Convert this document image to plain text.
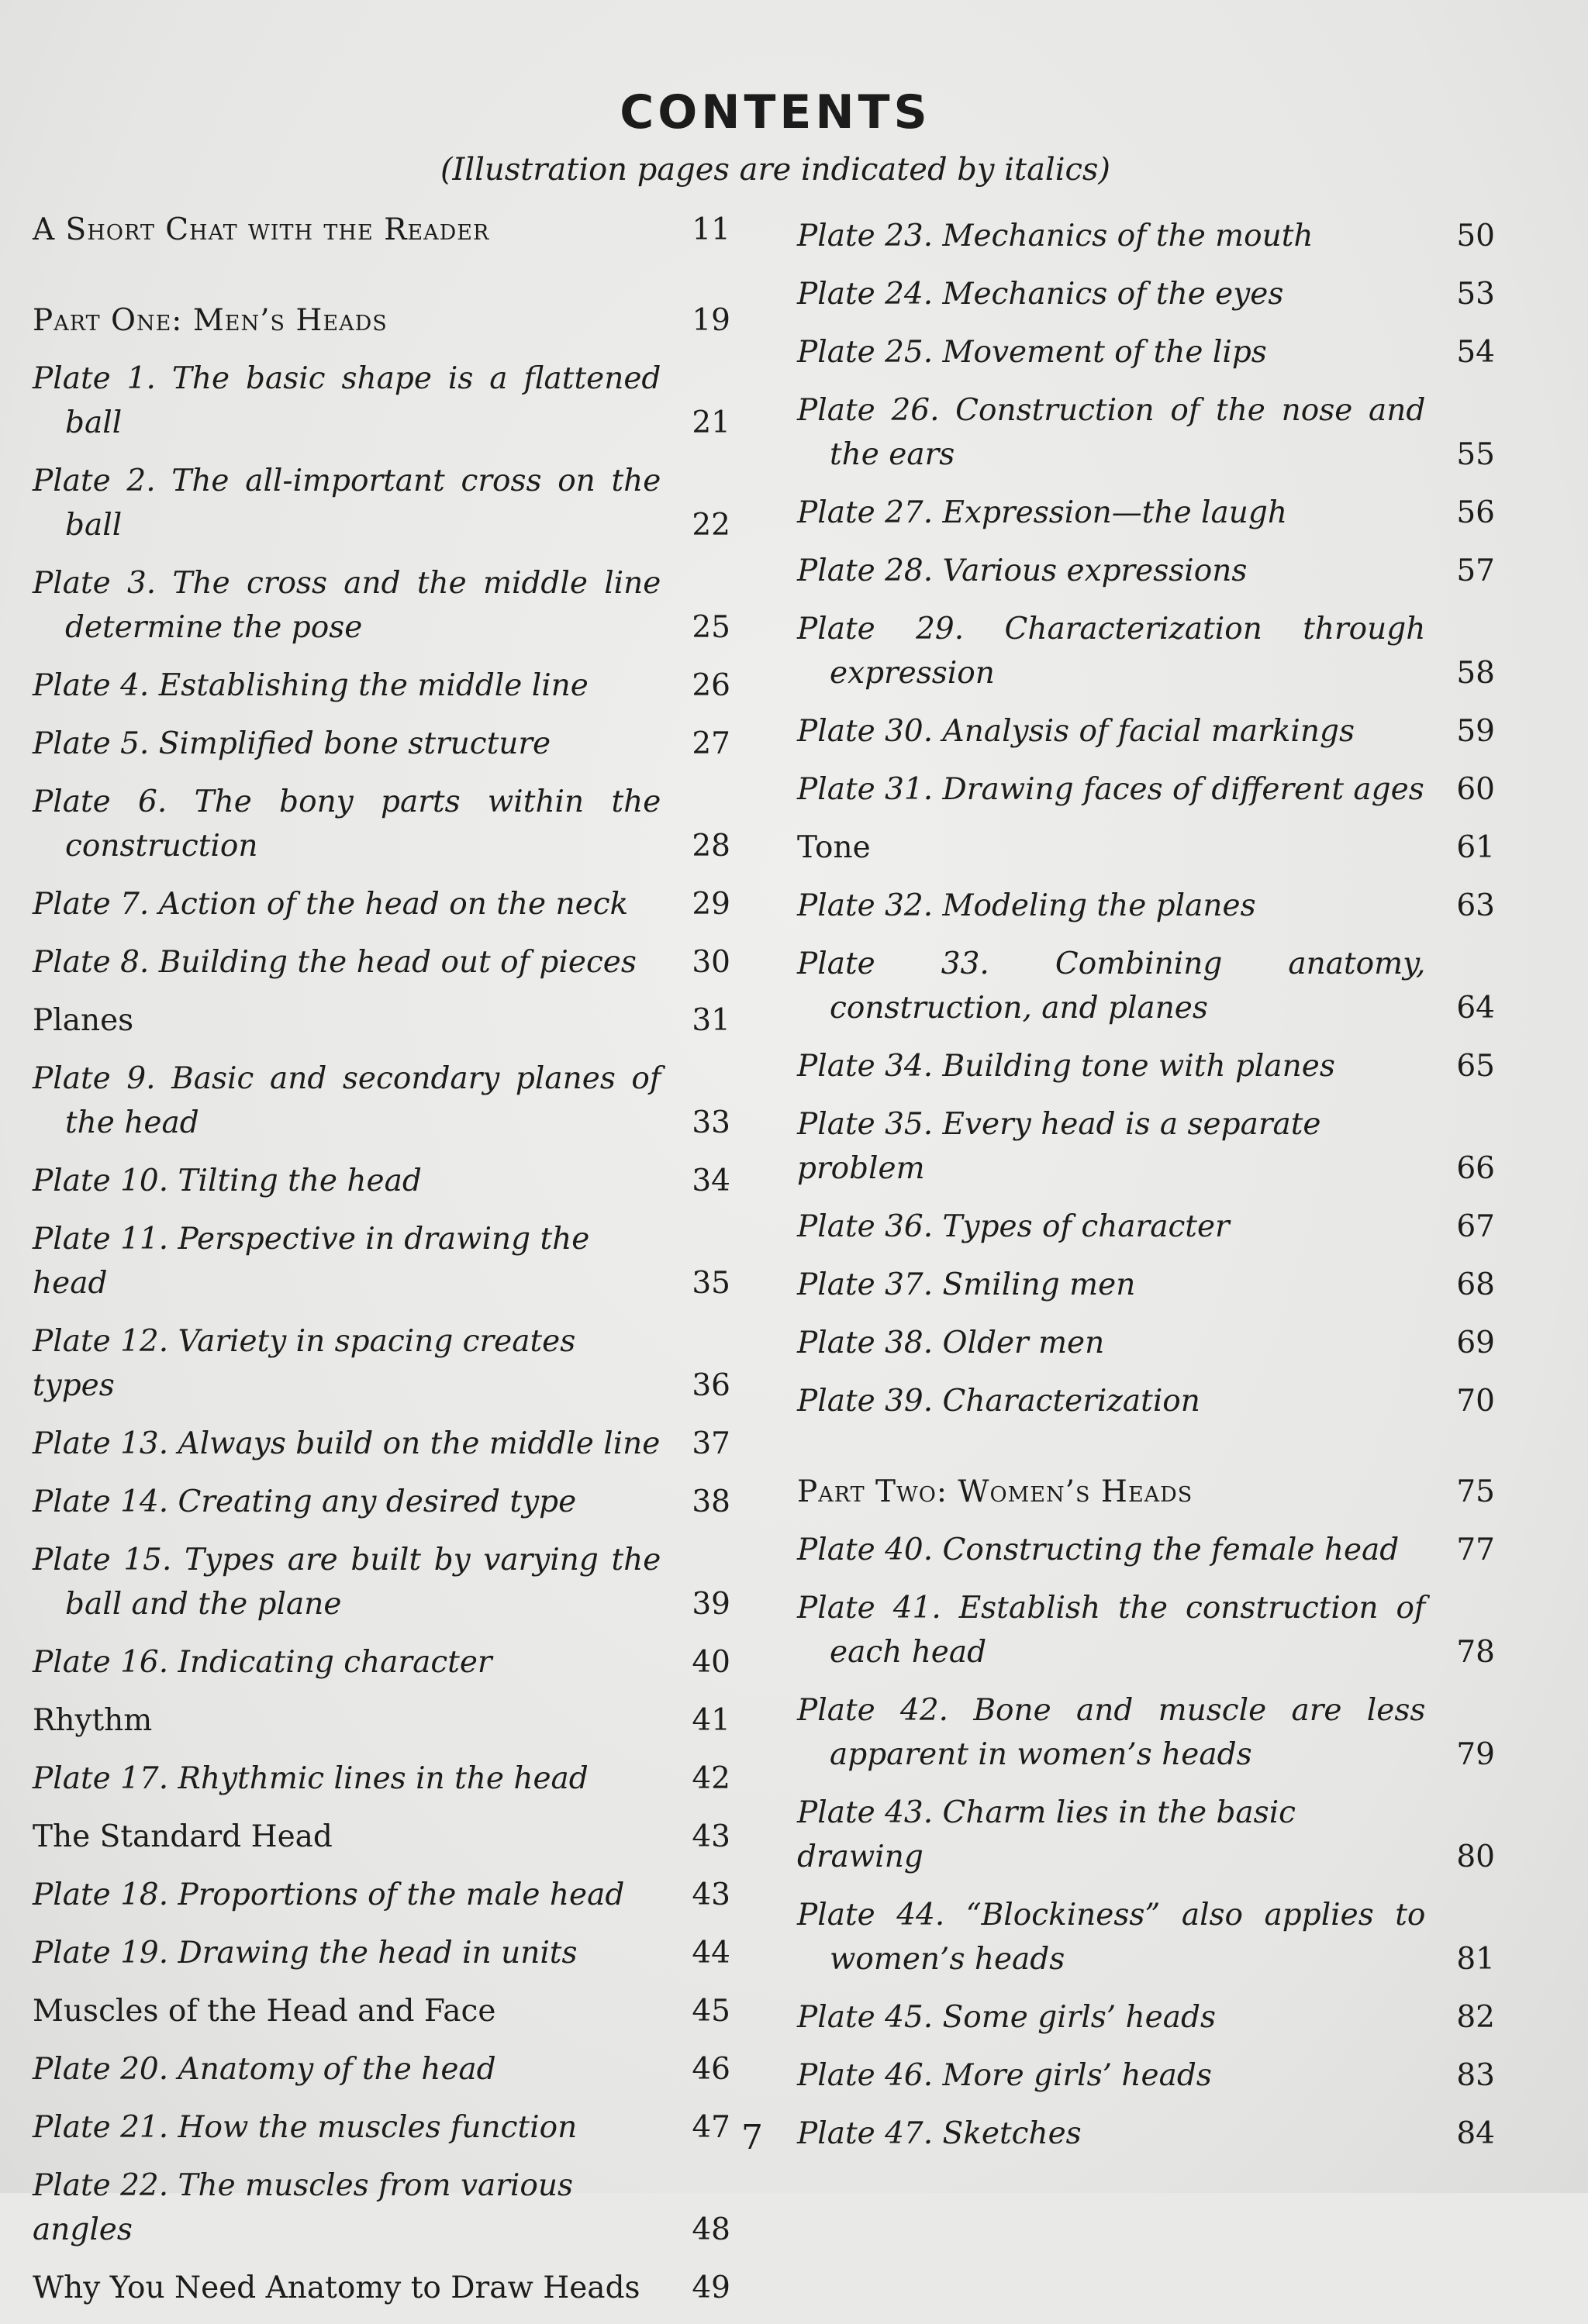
CONTENTS

(Illustration pages are indicated by italics)

A Short Chat with the Reader	11
Part One: Men’s Heads	19
Plate 1. The basic shape is a flattened ball	21
Plate 2. The all-important cross on the ball	22
Plate 3. The cross and the middle line determine the pose	25
Plate 4. Establishing the middle line	26
Plate 5. Simplified bone structure	27
Plate 6. The bony parts within the construction	28
Plate 7. Action of the head on the neck	29
Plate 8. Building the head out of pieces	30
Planes	31
Plate 9. Basic and secondary planes of the head	33
Plate 10. Tilting the head	34
Plate 11. Perspective in drawing the head	35
Plate 12. Variety in spacing creates types	36
Plate 13. Always build on the middle line	37
Plate 14. Creating any desired type	38
Plate 15. Types are built by varying the ball and the plane	39
Plate 16. Indicating character	40
Rhythm	41
Plate 17. Rhythmic lines in the head	42
The Standard Head	43
Plate 18. Proportions of the male head	43
Plate 19. Drawing the head in units	44
Muscles of the Head and Face	45
Plate 20. Anatomy of the head	46
Plate 21. How the muscles function	47
Plate 22. The muscles from various angles	48
Why You Need Anatomy to Draw Heads	49
Plate 23. Mechanics of the mouth	50
Plate 24. Mechanics of the eyes	53
Plate 25. Movement of the lips	54
Plate 26. Construction of the nose and the ears	55
Plate 27. Expression—the laugh	56
Plate 28. Various expressions	57
Plate 29. Characterization through expression	58
Plate 30. Analysis of facial markings	59
Plate 31. Drawing faces of different ages	60
Tone	61
Plate 32. Modeling the planes	63
Plate 33. Combining anatomy, construction, and planes	64
Plate 34. Building tone with planes	65
Plate 35. Every head is a separate problem	66
Plate 36. Types of character	67
Plate 37. Smiling men	68
Plate 38. Older men	69
Plate 39. Characterization	70
Part Two: Women’s Heads	75
Plate 40. Constructing the female head	77
Plate 41. Establish the construction of each head	78
Plate 42. Bone and muscle are less apparent in women’s heads	79
Plate 43. Charm lies in the basic drawing	80
Plate 44. “Blockiness” also applies to women’s heads	81
Plate 45. Some girls’ heads	82
Plate 46. More girls’ heads	83
Plate 47. Sketches	84
7
